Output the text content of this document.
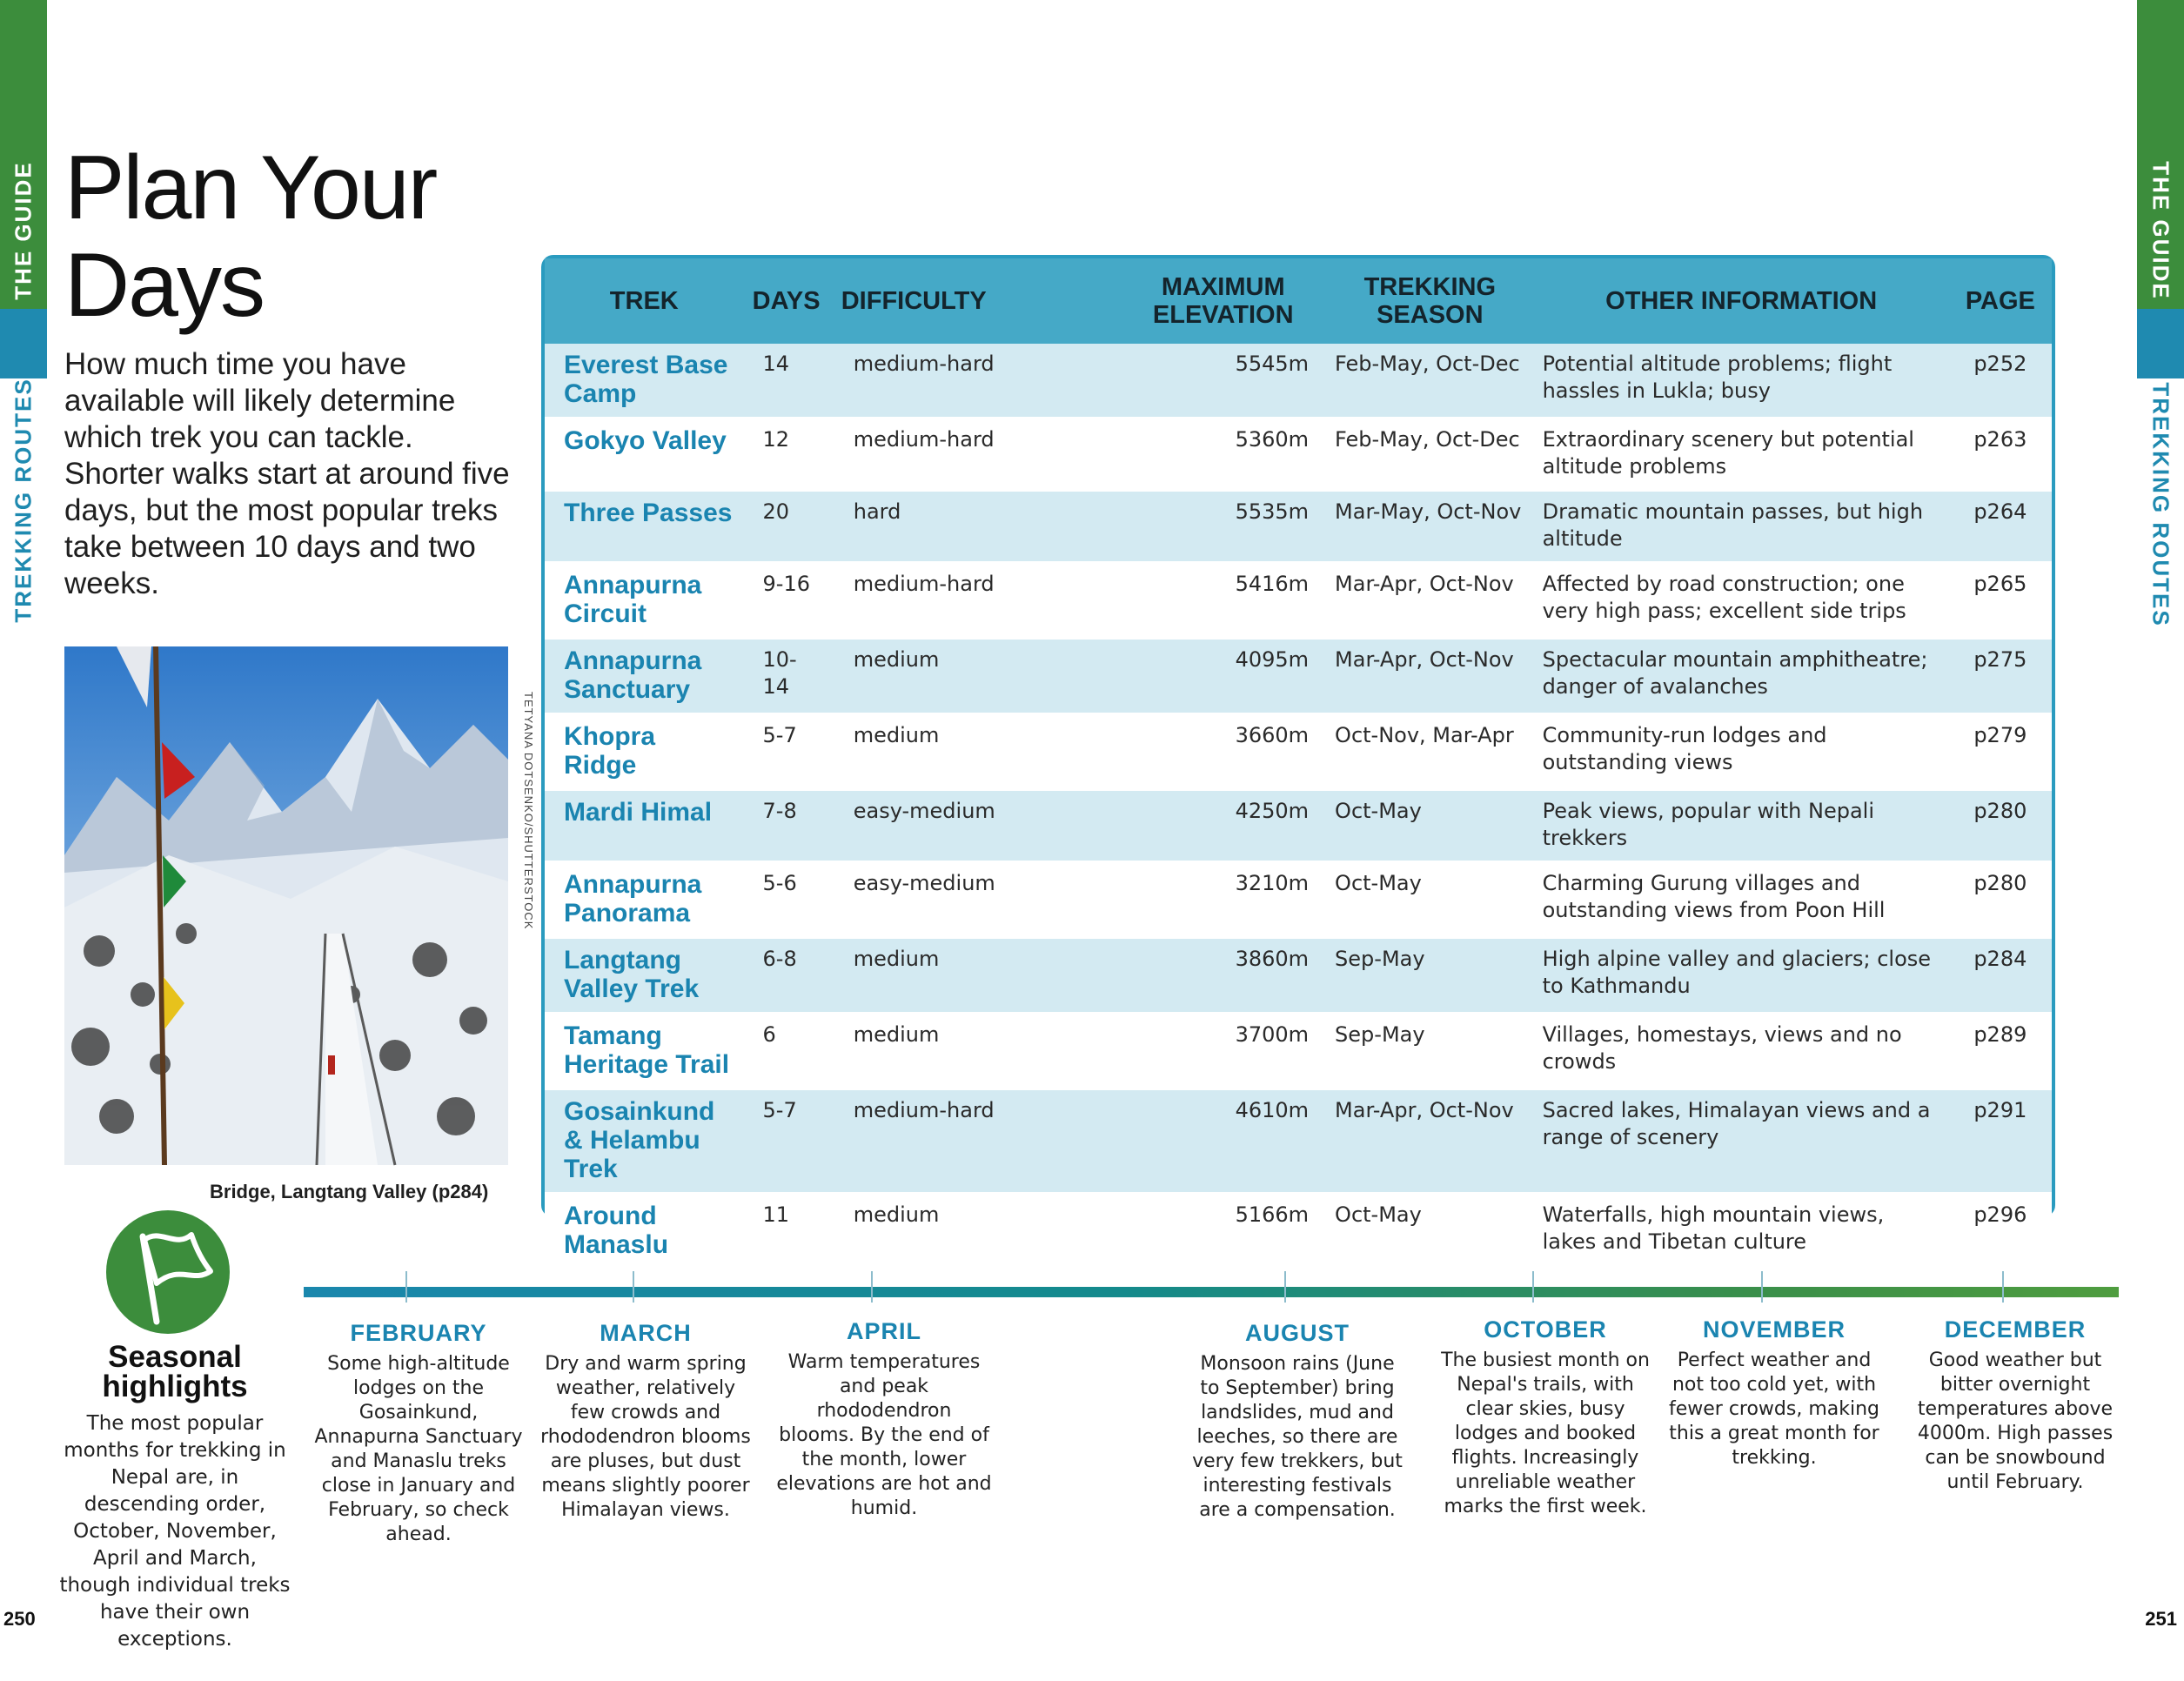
THE GUIDE
TREKKING ROUTES
THE GUIDE
TREKKING ROUTES
Plan Your
Days
How much time you have available will likely determine which trek you can tackle. Shorter walks start at around five days, but the most popular treks take between 10 days and two weeks.
TETYANA DOTSENKO/SHUTTERSTOCK
Bridge, Langtang Valley (p284)
TREK	DAYS	DIFFICULTY	MAXIMUM ELEVATION	TREKKING SEASON	OTHER INFORMATION	PAGE
Everest Base Camp	14	medium-hard	5545m	Feb-May, Oct-Dec	Potential altitude problems; flight hassles in Lukla; busy	p252
Gokyo Valley	12	medium-hard	5360m	Feb-May, Oct-Dec	Extraordinary scenery but potential altitude problems	p263
Three Passes	20	hard	5535m	Mar-May, Oct-Nov	Dramatic mountain passes, but high altitude	p264
Annapurna Circuit	9-16	medium-hard	5416m	Mar-Apr, Oct-Nov	Affected by road construction; one very high pass; excellent side trips	p265
Annapurna Sanctuary	10-14	medium	4095m	Mar-Apr, Oct-Nov	Spectacular mountain amphitheatre; danger of avalanches	p275
Khopra Ridge	5-7	medium	3660m	Oct-Nov, Mar-Apr	Community-run lodges and outstanding views	p279
Mardi Himal	7-8	easy-medium	4250m	Oct-May	Peak views, popular with Nepali trekkers	p280
Annapurna Panorama	5-6	easy-medium	3210m	Oct-May	Charming Gurung villages and outstanding views from Poon Hill	p280
Langtang Valley Trek	6-8	medium	3860m	Sep-May	High alpine valley and glaciers; close to Kathmandu	p284
Tamang Heritage Trail	6	medium	3700m	Sep-May	Villages, homestays, views and no crowds	p289
Gosainkund & Helambu Trek	5-7	medium-hard	4610m	Mar-Apr, Oct-Nov	Sacred lakes, Himalayan views and a range of scenery	p291
Around Manaslu	11	medium	5166m	Oct-May	Waterfalls, high mountain views, lakes and Tibetan culture	p296
Seasonal highlights
The most popular months for trekking in Nepal are, in descending order, October, November, April and March, though individual treks have their own exceptions.
FEBRUARY
Some high-altitude lodges on the Gosainkund, Annapurna Sanctuary and Manaslu treks close in January and February, so check ahead.
MARCH
Dry and warm spring weather, relatively few crowds and rhododendron blooms are pluses, but dust means slightly poorer Himalayan views.
APRIL
Warm temperatures and peak rhododendron blooms. By the end of the month, lower elevations are hot and humid.
AUGUST
Monsoon rains (June to September) bring landslides, mud and leeches, so there are very few trekkers, but interesting festivals are a compensation.
OCTOBER
The busiest month on Nepal's trails, with clear skies, busy lodges and booked flights. Increasingly unreliable weather marks the first week.
NOVEMBER
Perfect weather and not too cold yet, with fewer crowds, making this a great month for trekking.
DECEMBER
Good weather but bitter overnight temperatures above 4000m. High passes can be snowbound until February.
250	251
